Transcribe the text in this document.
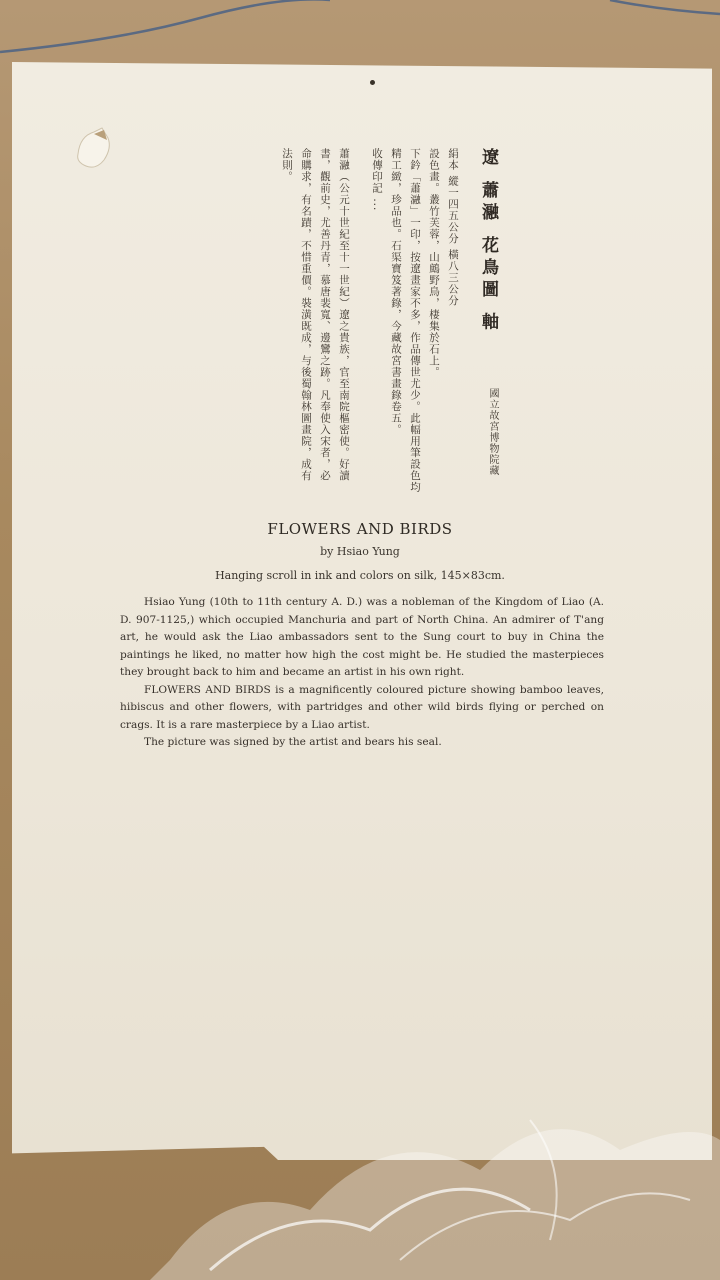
遼 蕭瀜 花鳥圖 軸
絹本 縱一四五公分 橫八三公分
設色畫。叢竹芙蓉，山鷓野鳥，棲集於石上。
下鈐「蕭瀜」一印，按遼畫家不多，作品傳世尤少。此幅用筆設色均
精工緻，珍品也。石渠寶笈著錄，今藏故宮書畫錄卷五。
收傳印記 ...
蕭瀜（公元十世紀至十一世紀）遼之貴族，官至南院樞密使。好讀
書，觀前史，尤善丹青，慕唐裴寬、邊鸞之跡。凡奉使入宋者，必
命購求，有名蹟，不惜重價。裝潢既成，与後蜀翰林圖畫院，成有
法則。
國立故宮博物院藏
FLOWERS AND BIRDS
by Hsiao Yung
Hanging scroll in ink and colors on silk, 145×83cm.

Hsiao Yung (10th to 11th century A. D.) was a nobleman of the Kingdom of Liao (A. D. 907-1125,) which occupied Manchuria and part of North China. An admirer of T'ang art, he would ask the Liao ambassadors sent to the Sung court to buy in China the paintings he liked, no matter how high the cost might be. He studied the masterpieces they brought back to him and became an artist in his own right.

FLOWERS AND BIRDS is a magnificently coloured picture showing bamboo leaves, hibiscus and other flowers, with partridges and other wild birds flying or perched on crags. It is a rare masterpiece by a Liao artist.

The picture was signed by the artist and bears his seal.
